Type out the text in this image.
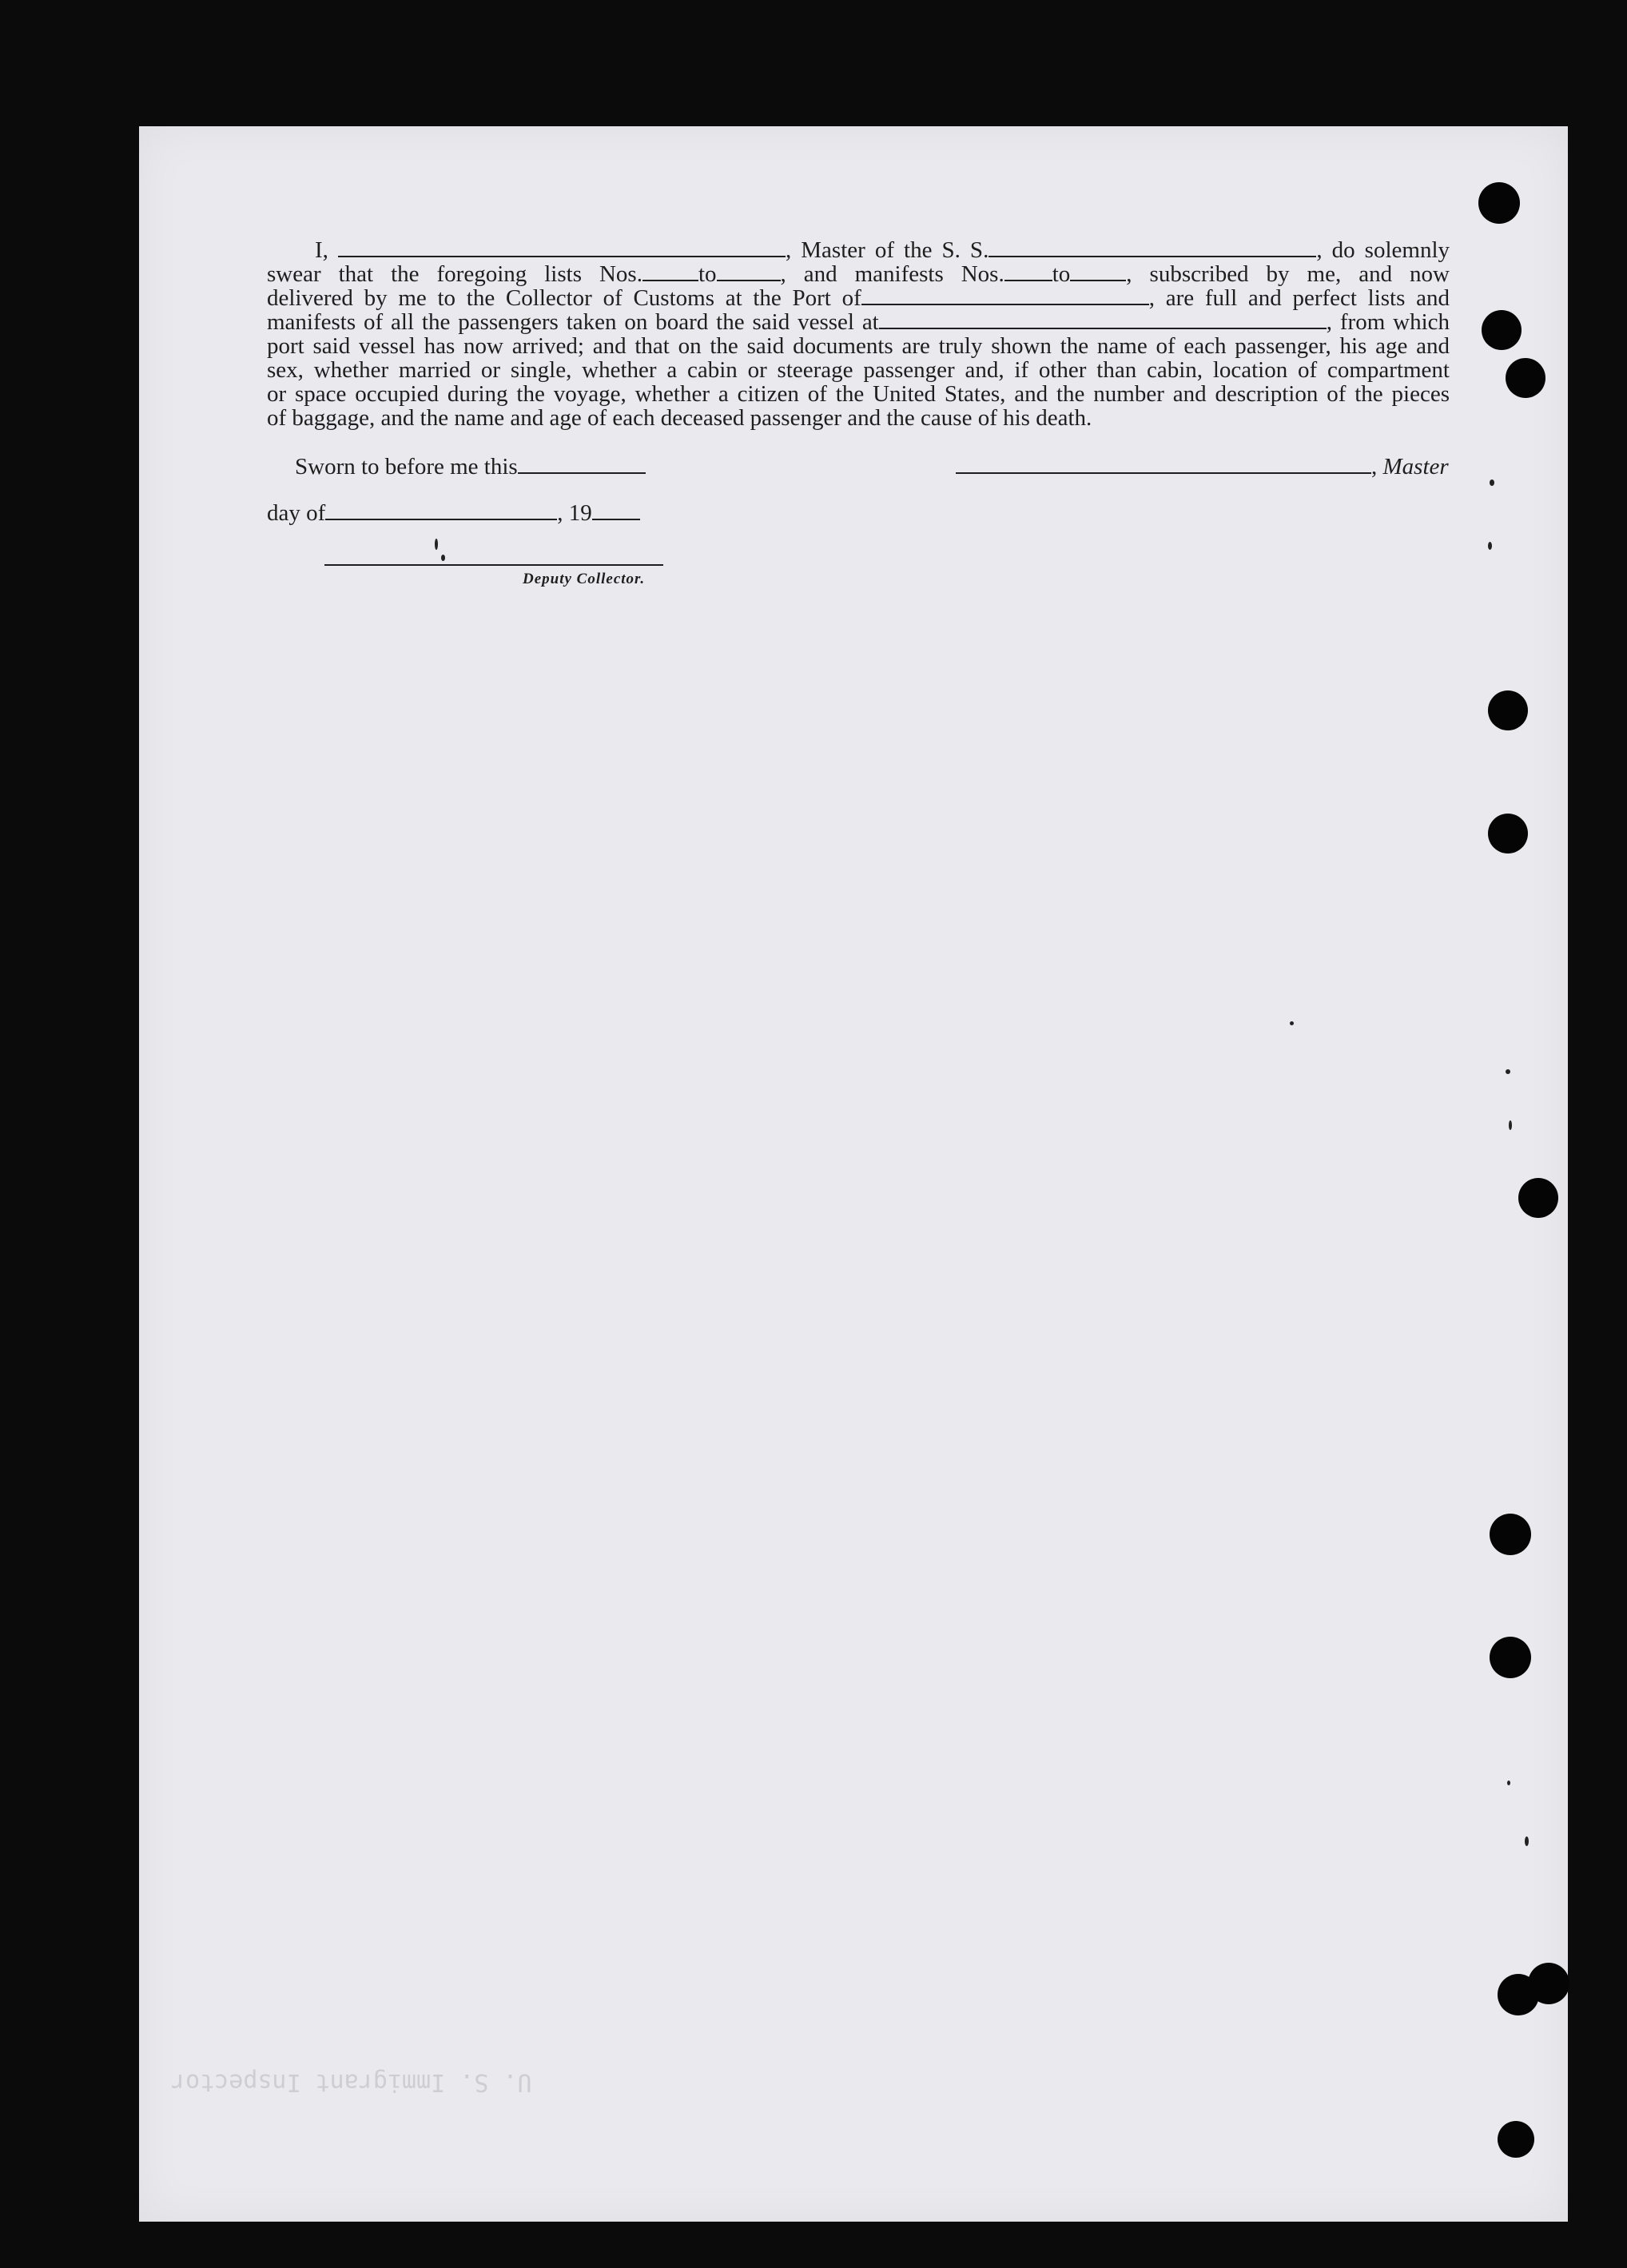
I,	, Master of the S. S.	, do solemnly
swear that the foregoing lists Nos. to	, and manifests Nos. to , subscribed by me, and now
delivered by me to the Collector of Customs at the Port of	, are full and perfect lists and
manifests of all the passengers taken on board the said vessel at	, from which
port said vessel has now arrived; and that on the said documents are truly shown the name of each passenger, his age and
sex, whether married or single, whether a cabin or steerage passenger and, if other than cabin, location of compartment
or space occupied during the voyage, whether a citizen of the United States, and the number and description of the pieces
of baggage, and the name and age of each deceased passenger and the cause of his death.
Sworn to before me this	, Master
day of	, 19
Deputy Collector.
U. S. Immigrant Inspector
